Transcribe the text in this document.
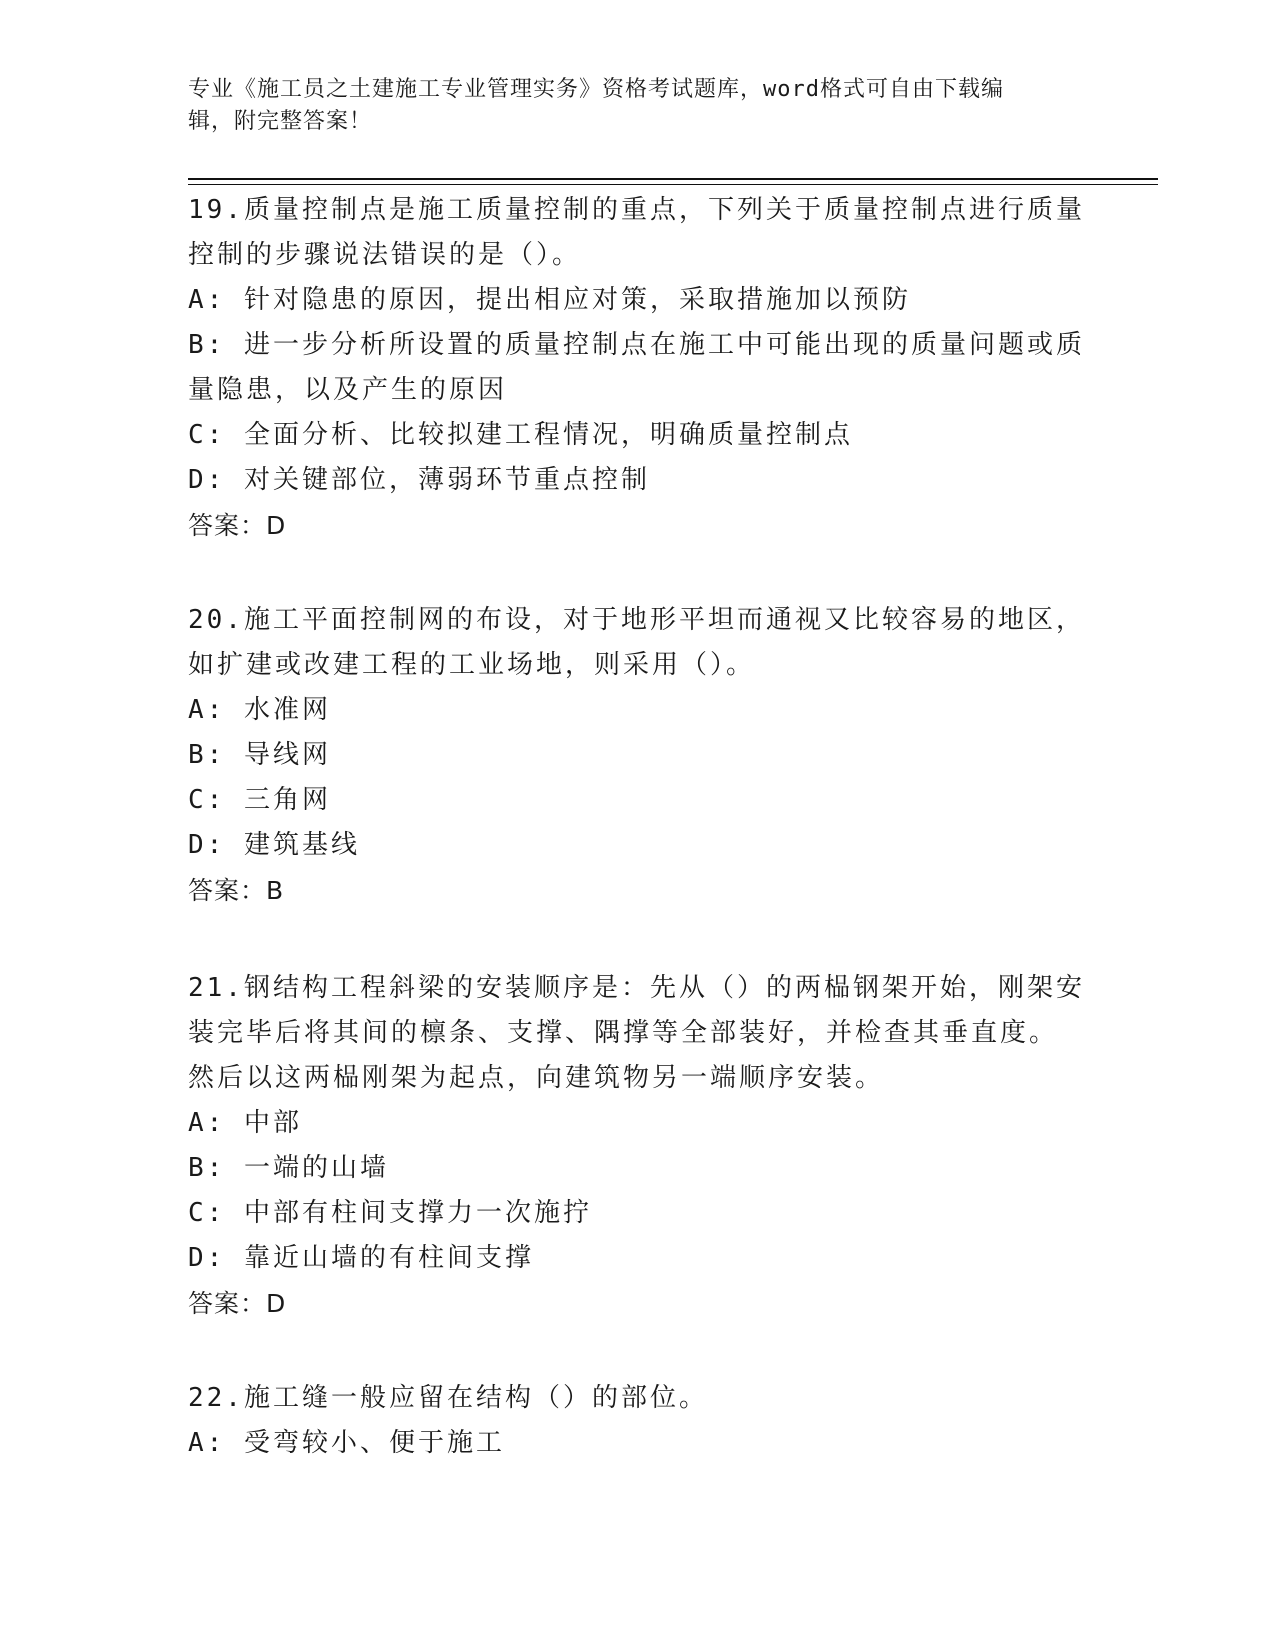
专业《施工员之土建施工专业管理实务》资格考试题库，word格式可自由下载编

辑，附完整答案！

19.质量控制点是施工质量控制的重点，下列关于质量控制点进行质量

控制的步骤说法错误的是（）。

A: 针对隐患的原因，提出相应对策，采取措施加以预防

B: 进一步分析所设置的质量控制点在施工中可能出现的质量问题或质

量隐患，以及产生的原因

C: 全面分析、比较拟建工程情况，明确质量控制点

D: 对关键部位，薄弱环节重点控制

答案：D

20.施工平面控制网的布设，对于地形平坦而通视又比较容易的地区，

如扩建或改建工程的工业场地，则采用（）。

A: 水准网

B: 导线网

C: 三角网

D: 建筑基线

答案：B

21.钢结构工程斜梁的安装顺序是：先从（）的两榀钢架开始，刚架安

装完毕后将其间的檩条、支撑、隅撑等全部装好，并检查其垂直度。

然后以这两榀刚架为起点，向建筑物另一端顺序安装。

A: 中部

B: 一端的山墙

C: 中部有柱间支撑力一次施拧

D: 靠近山墙的有柱间支撑

答案：D

22.施工缝一般应留在结构（）的部位。

A: 受弯较小、便于施工
